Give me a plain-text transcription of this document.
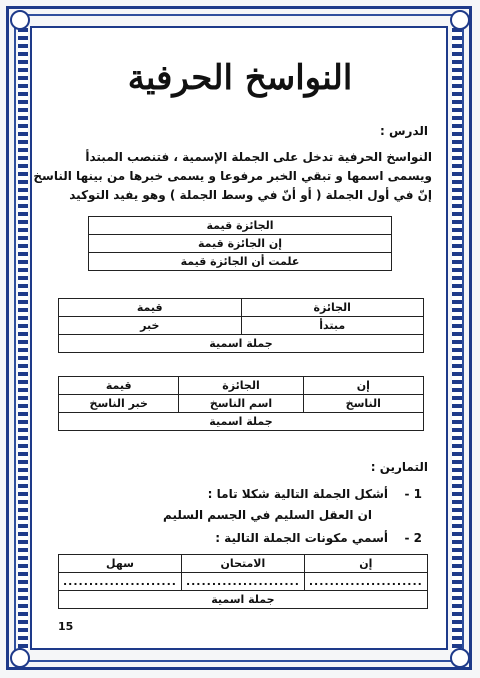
النواسخ الحرفية
الدرس :
النواسخ الحرفية تدخل على الجملة الإسمية ، فتنصب المبتدأ
ويسمى اسمها و تبقي الخبر مرفوعا و يسمى خبرها من بينها الناسخ
إنّ في أول الجملة ( أو أنّ في وسط الجملة ) وهو يفيد التوكيد
الجائزة قيمة
إن الجائزة قيمة
علمت أن الجائزة قيمة
الجائزة	قيمة
مبتدأ	خبر
جملة اسمية	
إن	الجائزة	قيمة
الناسخ	اسم الناسخ	خبر الناسخ
جملة اسمية		
التمارين :
1 -
أشكل الجملة التالية شكلا تاما :
ان العقل السليم في الجسم السليم
2 -
أسمي مكونات الجملة التالية :
إن	الامتحان	سهل
......................	......................	......................
جملة اسمية		
15
